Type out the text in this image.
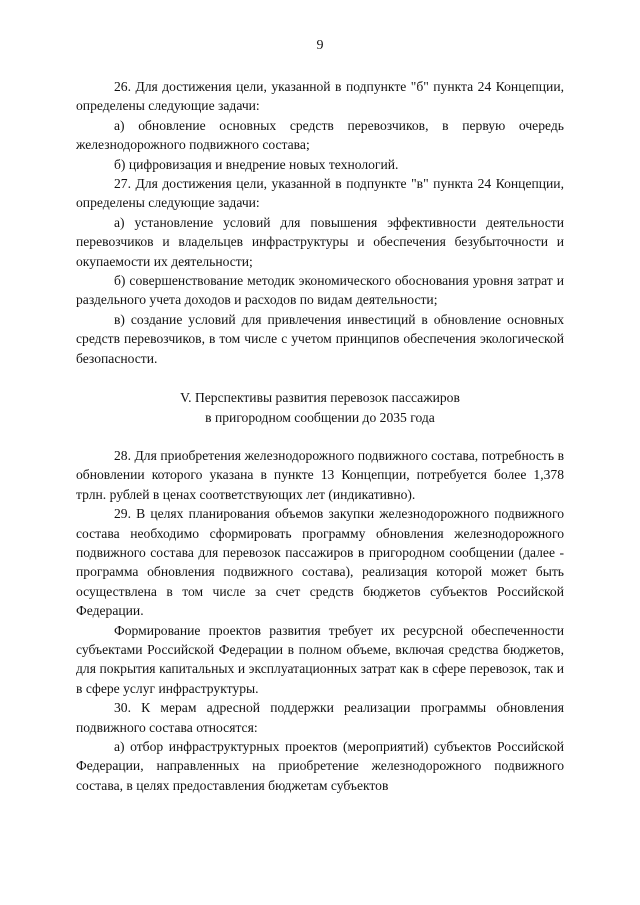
9

26. Для достижения цели, указанной в подпункте "б" пункта 24 Концепции, определены следующие задачи:

а) обновление основных средств перевозчиков, в первую очередь железнодорожного подвижного состава;

б) цифровизация и внедрение новых технологий.

27. Для достижения цели, указанной в подпункте "в" пункта 24 Концепции, определены следующие задачи:

а) установление условий для повышения эффективности деятельности перевозчиков и владельцев инфраструктуры и обеспечения безубыточности и окупаемости их деятельности;

б) совершенствование методик экономического обоснования уровня затрат и раздельного учета доходов и расходов по видам деятельности;

в) создание условий для привлечения инвестиций в обновление основных средств перевозчиков, в том числе с учетом принципов обеспечения экологической безопасности.

V. Перспективы развития перевозок пассажиров
в пригородном сообщении до 2035 года

28. Для приобретения железнодорожного подвижного состава, потребность в обновлении которого указана в пункте 13 Концепции, потребуется более 1,378 трлн. рублей в ценах соответствующих лет (индикативно).

29. В целях планирования объемов закупки железнодорожного подвижного состава необходимо сформировать программу обновления железнодорожного подвижного состава для перевозок пассажиров в пригородном сообщении (далее - программа обновления подвижного состава), реализация которой может быть осуществлена в том числе за счет средств бюджетов субъектов Российской Федерации.

Формирование проектов развития требует их ресурсной обеспеченности субъектами Российской Федерации в полном объеме, включая средства бюджетов, для покрытия капитальных и эксплуатационных затрат как в сфере перевозок, так и в сфере услуг инфраструктуры.

30. К мерам адресной поддержки реализации программы обновления подвижного состава относятся:

а) отбор инфраструктурных проектов (мероприятий) субъектов Российской Федерации, направленных на приобретение железнодорожного подвижного состава, в целях предоставления бюджетам субъектов
